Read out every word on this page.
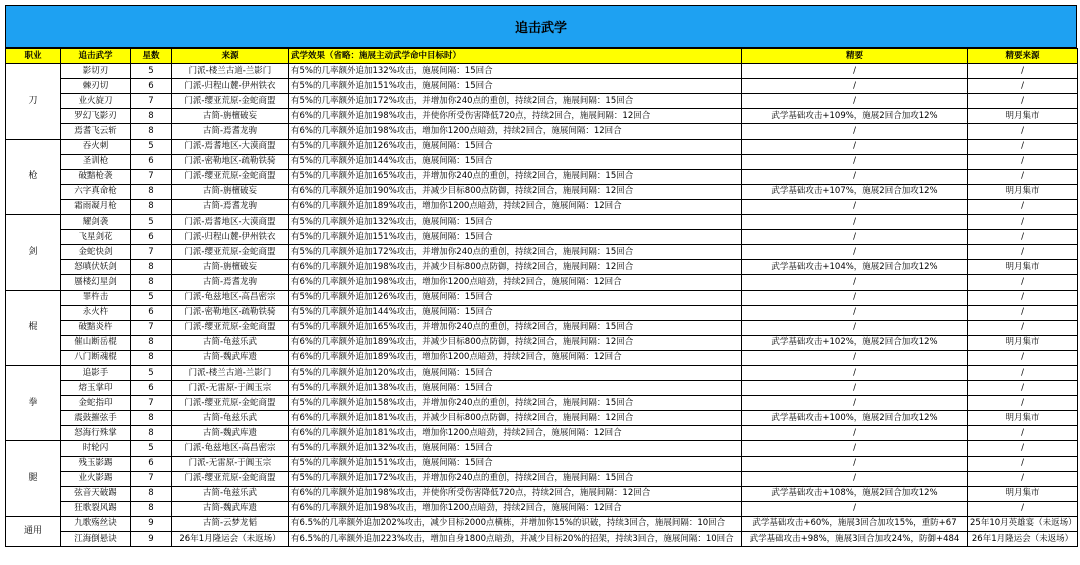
追击武学
职业	追击武学	星数	来源	武学效果（省略：施展主动武学命中目标时）	精要	精要来源
刀	影切刃	5	门派-楼兰古道-兰影门	有5%的几率额外追加132%攻击，施展间隔：15回合	/	/
	棘刃切	6	门派-归程山麓-伊州铁衣	有5%的几率额外追加151%攻击，施展间隔：15回合	/	/
	业火旋刀	7	门派-缨亚荒原-金蛇商盟	有5%的几率额外追加172%攻击，并增加你240点的重创，持续2回合，施展间隔：15回合	/	/
	罗幻飞影刃	8	古简-旃檀破妄	有6%的几率额外追加198%攻击，并使你所受伤害降低720点，持续2回合，施展间隔：12回合	武学基础攻击+109%，施展2回合加攻12%	明月集市
	焉耆飞云斩	8	古简-焉耆龙驹	有6%的几率额外追加198%攻击，增加你1200点暗劲，持续2回合，施展间隔：12回合	/	/
枪	吞火刺	5	门派-焉耆地区-大漠商盟	有5%的几率额外追加126%攻击，施展间隔：15回合	/	/
	圣训枪	6	门派-密勒地区-疏勒铁骑	有5%的几率额外追加144%攻击，施展间隔：15回合	/	/
	破黯枪袭	7	门派-缨亚荒原-金蛇商盟	有5%的几率额外追加165%攻击，并增加你240点的重创，持续2回合，施展间隔：15回合	/	/
	六字真命枪	8	古简-旃檀破妄	有6%的几率额外追加190%攻击，并减少目标800点防御，持续2回合，施展间隔：12回合	武学基础攻击+107%，施展2回合加攻12%	明月集市
	霜雨凝月枪	8	古简-焉耆龙驹	有6%的几率额外追加189%攻击，增加你1200点暗劲，持续2回合，施展间隔：12回合	/	/
剑	耀剑袭	5	门派-焉耆地区-大漠商盟	有5%的几率额外追加132%攻击，施展间隔：15回合	/	/
	飞星剑花	6	门派-归程山麓-伊州铁衣	有5%的几率额外追加151%攻击，施展间隔：15回合	/	/
	金蛇快剑	7	门派-缨亚荒原-金蛇商盟	有5%的几率额外追加172%攻击，并增加你240点的重创，持续2回合，施展间隔：15回合	/	/
	怒嗔伏妖剑	8	古简-旃檀破妄	有6%的几率额外追加198%攻击，并减少目标800点防御，持续2回合，施展间隔：12回合	武学基础攻击+104%，施展2回合加攻12%	明月集市
	蜃楼幻星剑	8	古简-焉耆龙驹	有6%的几率额外追加198%攻击，增加你1200点暗劲，持续2回合，施展间隔：12回合	/	/
棍	罪杵击	5	门派-龟兹地区-高昌密宗	有5%的几率额外追加126%攻击，施展间隔：15回合	/	/
	永火杵	6	门派-密勒地区-疏勒铁骑	有5%的几率额外追加144%攻击，施展间隔：15回合	/	/
	破黯炎杵	7	门派-缨亚荒原-金蛇商盟	有5%的几率额外追加165%攻击，并增加你240点的重创，持续2回合，施展间隔：15回合	/	/
	催山断岳棍	8	古简-龟兹乐武	有6%的几率额外追加189%攻击，并减少目标800点防御，持续2回合，施展间隔：12回合	武学基础攻击+102%，施展2回合加攻12%	明月集市
	八门断魂棍	8	古简-魏武库遗	有6%的几率额外追加189%攻击，增加你1200点暗劲，持续2回合，施展间隔：12回合	/	/
拳	追影手	5	门派-楼兰古道-兰影门	有5%的几率额外追加120%攻击，施展间隔：15回合	/	/
	熔玉掌印	6	门派-无雷原-于阗玉宗	有5%的几率额外追加138%攻击，施展间隔：15回合	/	/
	金蛇指印	7	门派-缨亚荒原-金蛇商盟	有5%的几率额外追加158%攻击，并增加你240点的重创，持续2回合，施展间隔：15回合	/	/
	震鼓摧弦手	8	古简-龟兹乐武	有6%的几率额外追加181%攻击，并减少目标800点防御，持续2回合，施展间隔：12回合	武学基础攻击+100%，施展2回合加攻12%	明月集市
	怒海行殊掌	8	古简-魏武库遗	有6%的几率额外追加181%攻击，增加你1200点暗劲，持续2回合，施展间隔：12回合	/	/
腿	时轮闪	5	门派-龟兹地区-高昌密宗	有5%的几率额外追加132%攻击，施展间隔：15回合	/	/
	残玉影踢	6	门派-无雷原-于阗玉宗	有5%的几率额外追加151%攻击，施展间隔：15回合	/	/
	业火影踢	7	门派-缨亚荒原-金蛇商盟	有5%的几率额外追加172%攻击，并增加你240点的重创，持续2回合，施展间隔：15回合	/	/
	弦音天破踢	8	古简-龟兹乐武	有6%的几率额外追加198%攻击，并使你所受伤害降低720点，持续2回合，施展间隔：12回合	武学基础攻击+108%，施展2回合加攻12%	明月集市
	狂歌裂风踢	8	古简-魏武库遗	有6%的几率额外追加198%攻击，增加你1200点暗劲，持续2回合，施展间隔：12回合	/	/
通用	九歌殇丝诀	9	古简-云梦龙韬	有6.5%的几率额外追加202%攻击，减少目标2000点横栋，并增加你15%的识破，持续3回合，施展间隔：10回合	武学基础攻击+60%，施展3回合加攻15%，重防+67	25年10月英雄宴（未返场）
	江海倒悬诀	9	26年1月隆运会（未返场）	有6.5%的几率额外追加223%攻击，增加自身1800点暗劲，并减少目标20%的招架，持续3回合，施展间隔：10回合	武学基础攻击+98%，施展3回合加攻24%，防御+484	26年1月隆运会（未返场）
